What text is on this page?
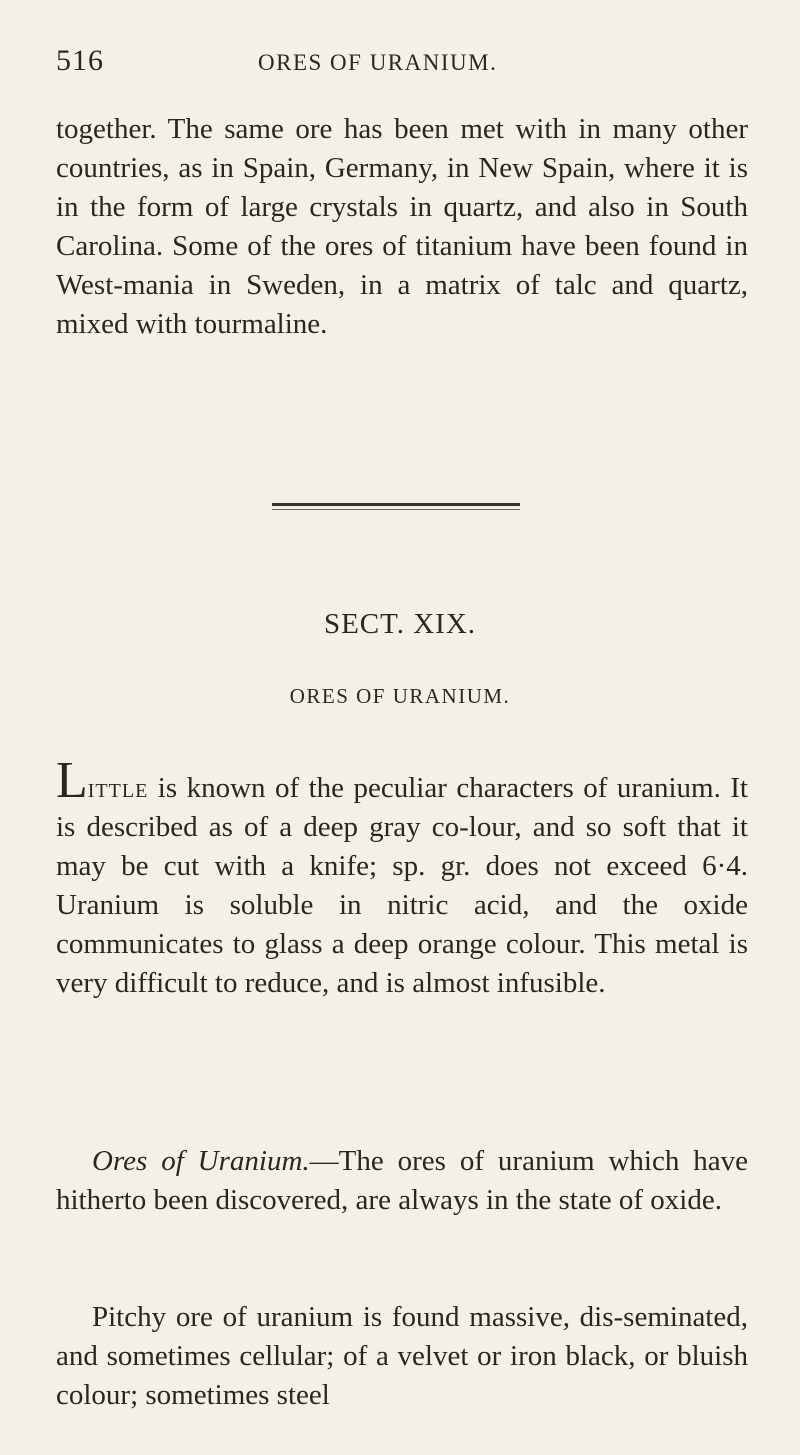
516	ORES OF URANIUM.

together. The same ore has been met with in many other countries, as in Spain, Germany, in New Spain, where it is in the form of large crystals in quartz, and also in South Carolina. Some of the ores of titanium have been found in West-mania in Sweden, in a matrix of talc and quartz, mixed with tourmaline.

SECT. XIX.
ORES OF URANIUM.

Little is known of the peculiar characters of uranium. It is described as of a deep gray co-lour, and so soft that it may be cut with a knife; sp. gr. does not exceed 6·4. Uranium is soluble in nitric acid, and the oxide communicates to glass a deep orange colour. This metal is very difficult to reduce, and is almost infusible.

Ores of Uranium.—The ores of uranium which have hitherto been discovered, are always in the state of oxide.

Pitchy ore of uranium is found massive, dis-seminated, and sometimes cellular; of a velvet or iron black, or bluish colour; sometimes steel
